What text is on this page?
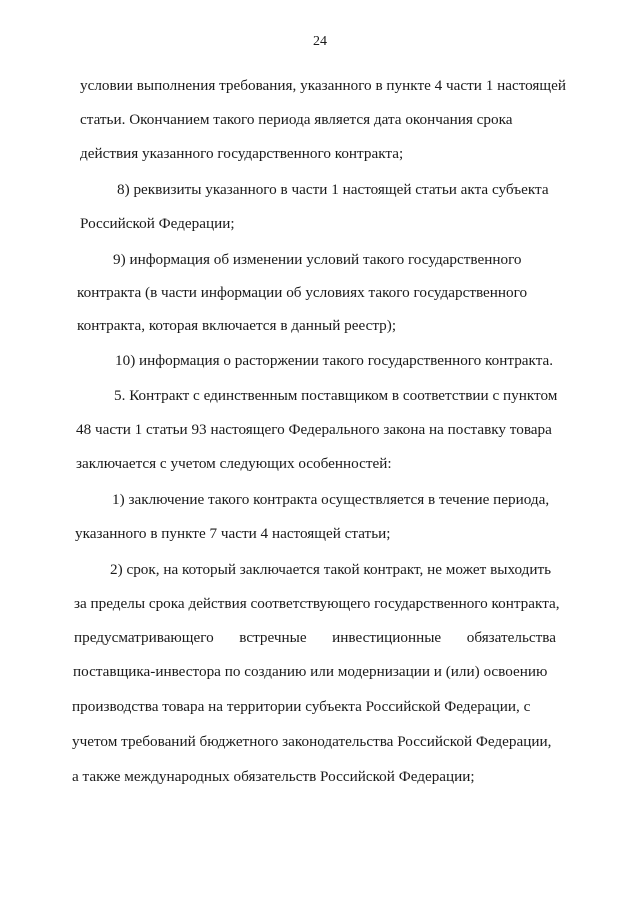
24
условии выполнения требования, указанного в пункте 4 части 1 настоящей
статьи. Окончанием такого периода является дата окончания срока
действия указанного государственного контракта;
8) реквизиты указанного в части 1 настоящей статьи акта субъекта
Российской Федерации;
9) информация об изменении условий такого государственного
контракта (в части информации об условиях такого государственного
контракта, которая включается в данный реестр);
10) информация о расторжении такого государственного контракта.
5. Контракт с единственным поставщиком в соответствии с пунктом
48 части 1 статьи 93 настоящего Федерального закона на поставку товара
заключается с учетом следующих особенностей:
1) заключение такого контракта осуществляется в течение периода,
указанного в пункте 7 части 4 настоящей статьи;
2) срок, на который заключается такой контракт, не может выходить
за пределы срока действия соответствующего государственного контракта,
предусматривающего встречные инвестиционные обязательства
поставщика-инвестора по созданию или модернизации и (или) освоению
производства товара на территории субъекта Российской Федерации, с
учетом требований бюджетного законодательства Российской Федерации,
а также международных обязательств Российской Федерации;
